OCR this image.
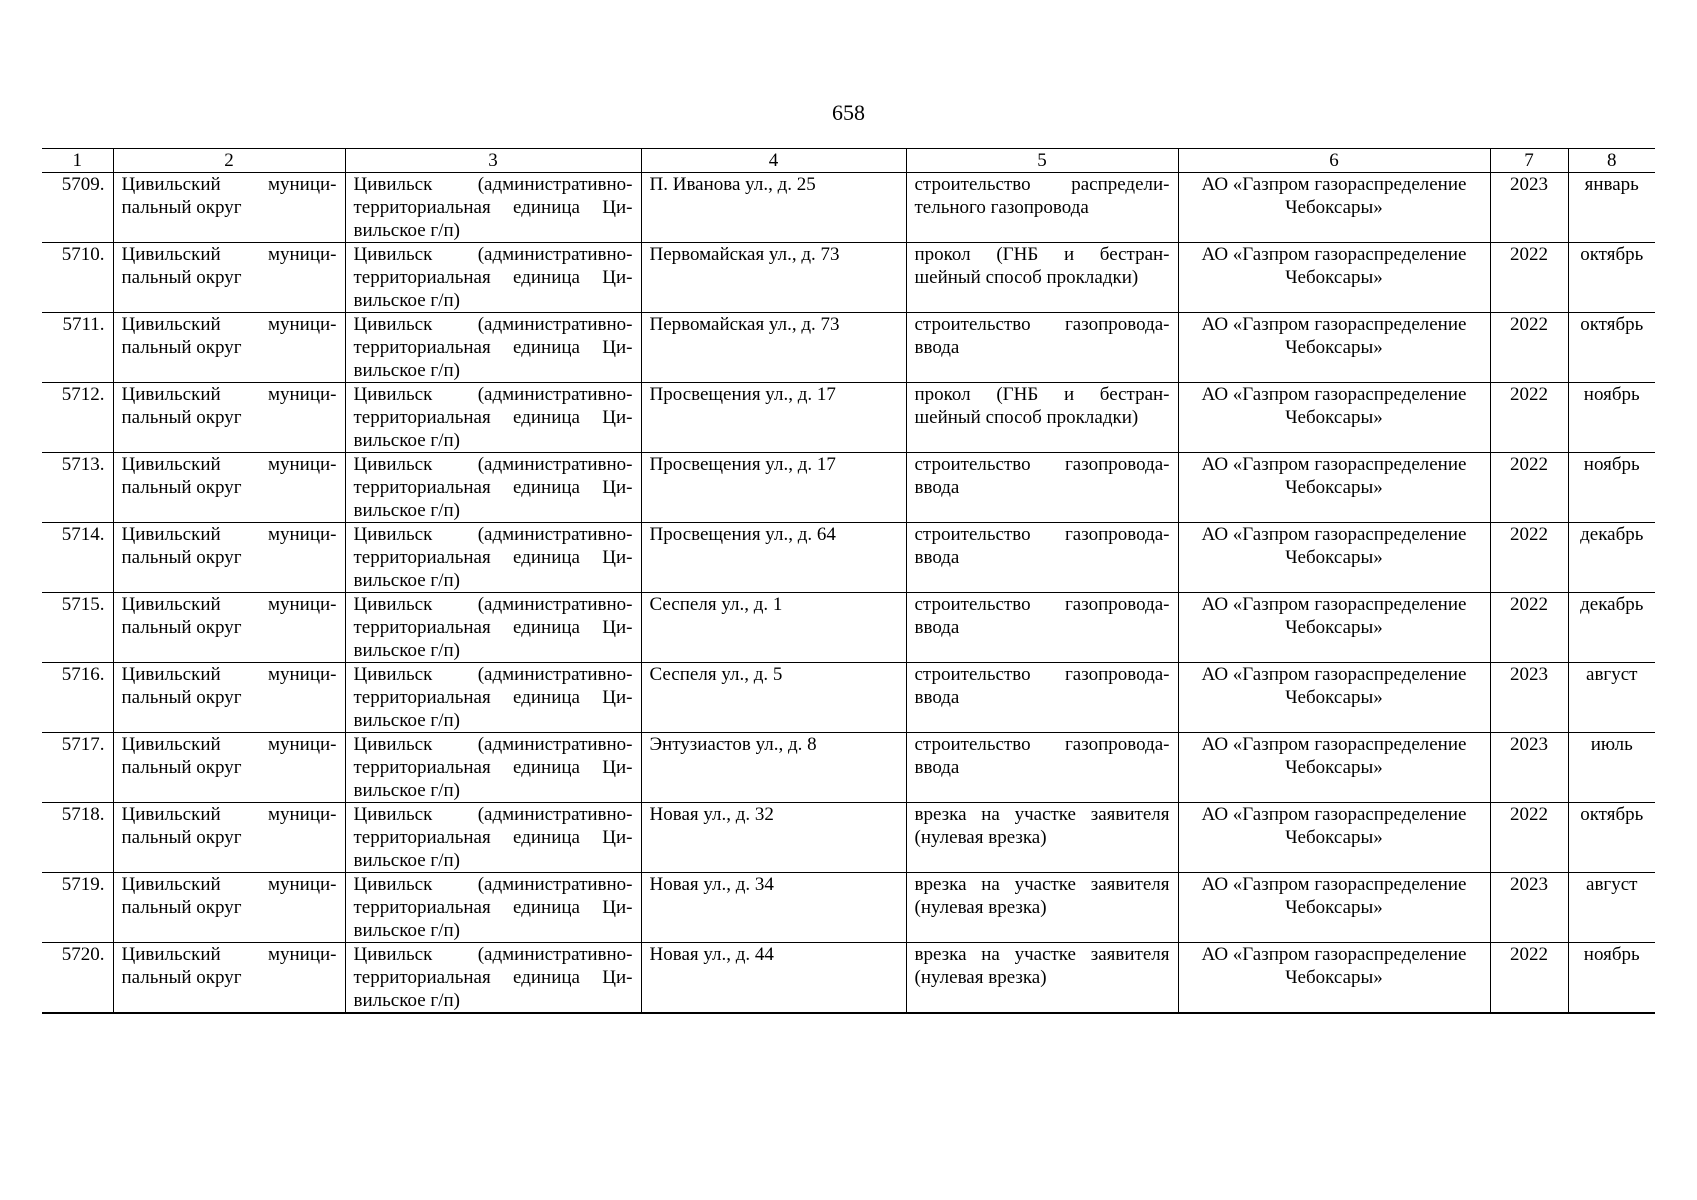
658
1	2	3	4	5	6	7	8
5709.	Цивильский муници-пальный округ	Цивильск (административно-территориальная единица Ци-вильское г/п)	П. Иванова ул., д. 25	строительство распредели-тельного газопровода	АО «Газпром газораспределение Чебоксары»	2023	январь
5710.	Цивильский муници-пальный округ	Цивильск (административно-территориальная единица Ци-вильское г/п)	Первомайская ул., д. 73	прокол (ГНБ и бестран-шейный способ прокладки)	АО «Газпром газораспределение Чебоксары»	2022	октябрь
5711.	Цивильский муници-пальный округ	Цивильск (административно-территориальная единица Ци-вильское г/п)	Первомайская ул., д. 73	строительство газопровода-ввода	АО «Газпром газораспределение Чебоксары»	2022	октябрь
5712.	Цивильский муници-пальный округ	Цивильск (административно-территориальная единица Ци-вильское г/п)	Просвещения ул., д. 17	прокол (ГНБ и бестран-шейный способ прокладки)	АО «Газпром газораспределение Чебоксары»	2022	ноябрь
5713.	Цивильский муници-пальный округ	Цивильск (административно-территориальная единица Ци-вильское г/п)	Просвещения ул., д. 17	строительство газопровода-ввода	АО «Газпром газораспределение Чебоксары»	2022	ноябрь
5714.	Цивильский муници-пальный округ	Цивильск (административно-территориальная единица Ци-вильское г/п)	Просвещения ул., д. 64	строительство газопровода-ввода	АО «Газпром газораспределение Чебоксары»	2022	декабрь
5715.	Цивильский муници-пальный округ	Цивильск (административно-территориальная единица Ци-вильское г/п)	Сеспеля ул., д. 1	строительство газопровода-ввода	АО «Газпром газораспределение Чебоксары»	2022	декабрь
5716.	Цивильский муници-пальный округ	Цивильск (административно-территориальная единица Ци-вильское г/п)	Сеспеля ул., д. 5	строительство газопровода-ввода	АО «Газпром газораспределение Чебоксары»	2023	август
5717.	Цивильский муници-пальный округ	Цивильск (административно-территориальная единица Ци-вильское г/п)	Энтузиастов ул., д. 8	строительство газопровода-ввода	АО «Газпром газораспределение Чебоксары»	2023	июль
5718.	Цивильский муници-пальный округ	Цивильск (административно-территориальная единица Ци-вильское г/п)	Новая ул., д. 32	врезка на участке заявителя (нулевая врезка)	АО «Газпром газораспределение Чебоксары»	2022	октябрь
5719.	Цивильский муници-пальный округ	Цивильск (административно-территориальная единица Ци-вильское г/п)	Новая ул., д. 34	врезка на участке заявителя (нулевая врезка)	АО «Газпром газораспределение Чебоксары»	2023	август
5720.	Цивильский муници-пальный округ	Цивильск (административно-территориальная единица Ци-вильское г/п)	Новая ул., д. 44	врезка на участке заявителя (нулевая врезка)	АО «Газпром газораспределение Чебоксары»	2022	ноябрь
